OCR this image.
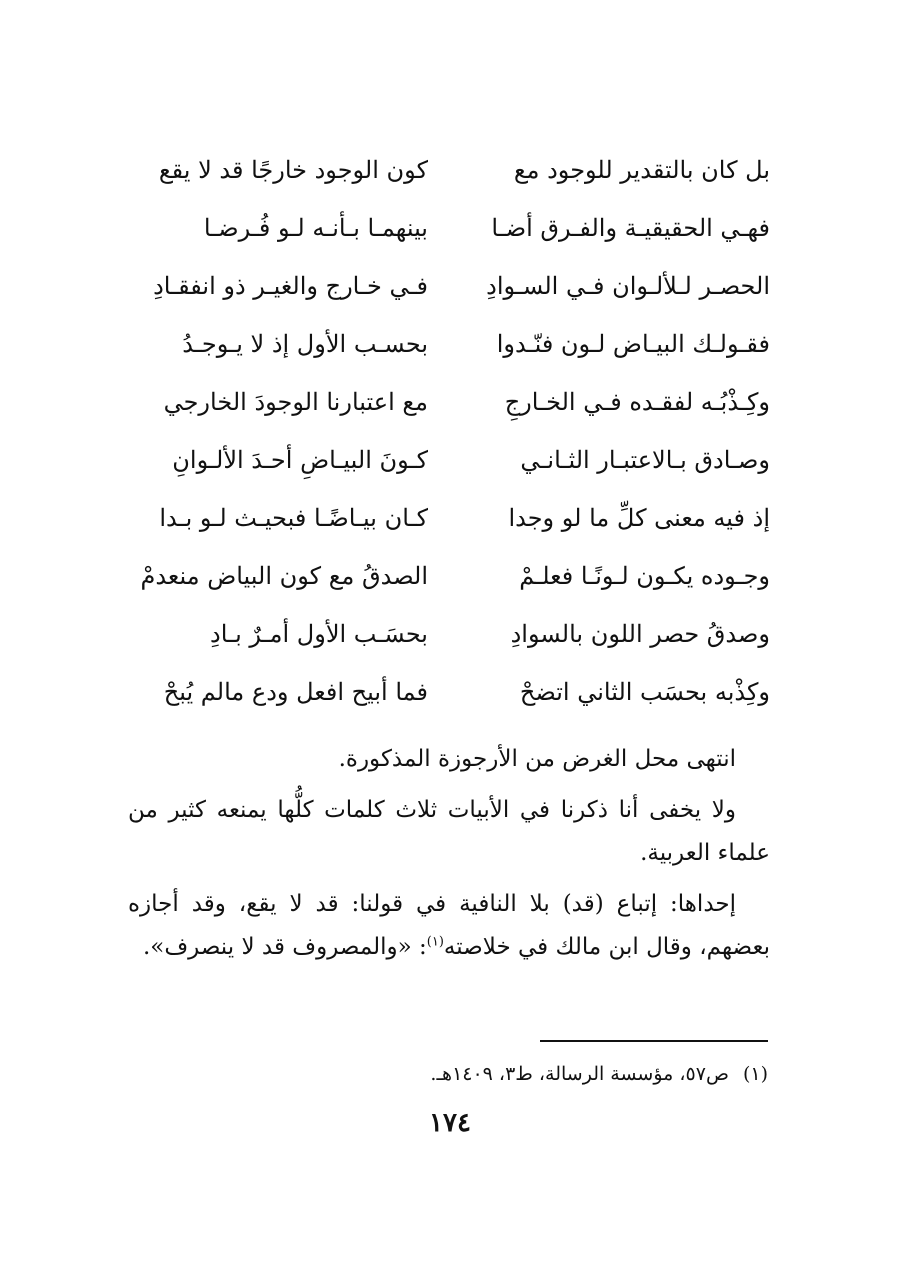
بل كان بالتقدير للوجود مع
كون الوجود خارجًا قد لا يقع
فهـي الحقيقيـة والفـرق أضـا
بينهمـا بـأنـه لـو فُـرضـا
الحصـر لـلألـوان فـي السـوادِ
فـي خـارج والغيـر ذو انفقـادِ
فقـولـك البيـاض لـون فنّـدوا
بحسـب الأول إذ لا يـوجـدُ
وكِـذْبُـه لفقـده فـي الخـارجِ
مع اعتبارنا الوجودَ الخارجي
وصـادق بـالاعتبـار الثـانـي
كـونَ البيـاضِ أحـدَ الألـوانِ
إذ فيه معنى كلِّ ما لو وجدا
كـان بيـاضًـا فبحيـث لـو بـدا
وجـوده يكـون لـونًـا فعلـمْ
الصدقُ مع كون البياض منعدمْ
وصدقُ حصر اللون بالسوادِ
بحسَـب الأول أمـرٌ بـادِ
وكِذْبه بحسَب الثاني اتضحْ
فما أبيح افعل ودع مالم يُبحْ

انتهى محل الغرض من الأرجوزة المذكورة.

ولا يخفى أنا ذكرنا في الأبيات ثلاث كلمات كلُّها يمنعه كثير من علماء العربية.

إحداها: إتباع (قد) بلا النافية في قولنا: قد لا يقع، وقد أجازه بعضهم، وقال ابن مالك في خلاصته$^{(١)}$: «والمصروف قد لا ينصرف».

(١)ص٥٧، مؤسسة الرسالة، ط٣، ١٤٠٩هـ.
١٧٤
